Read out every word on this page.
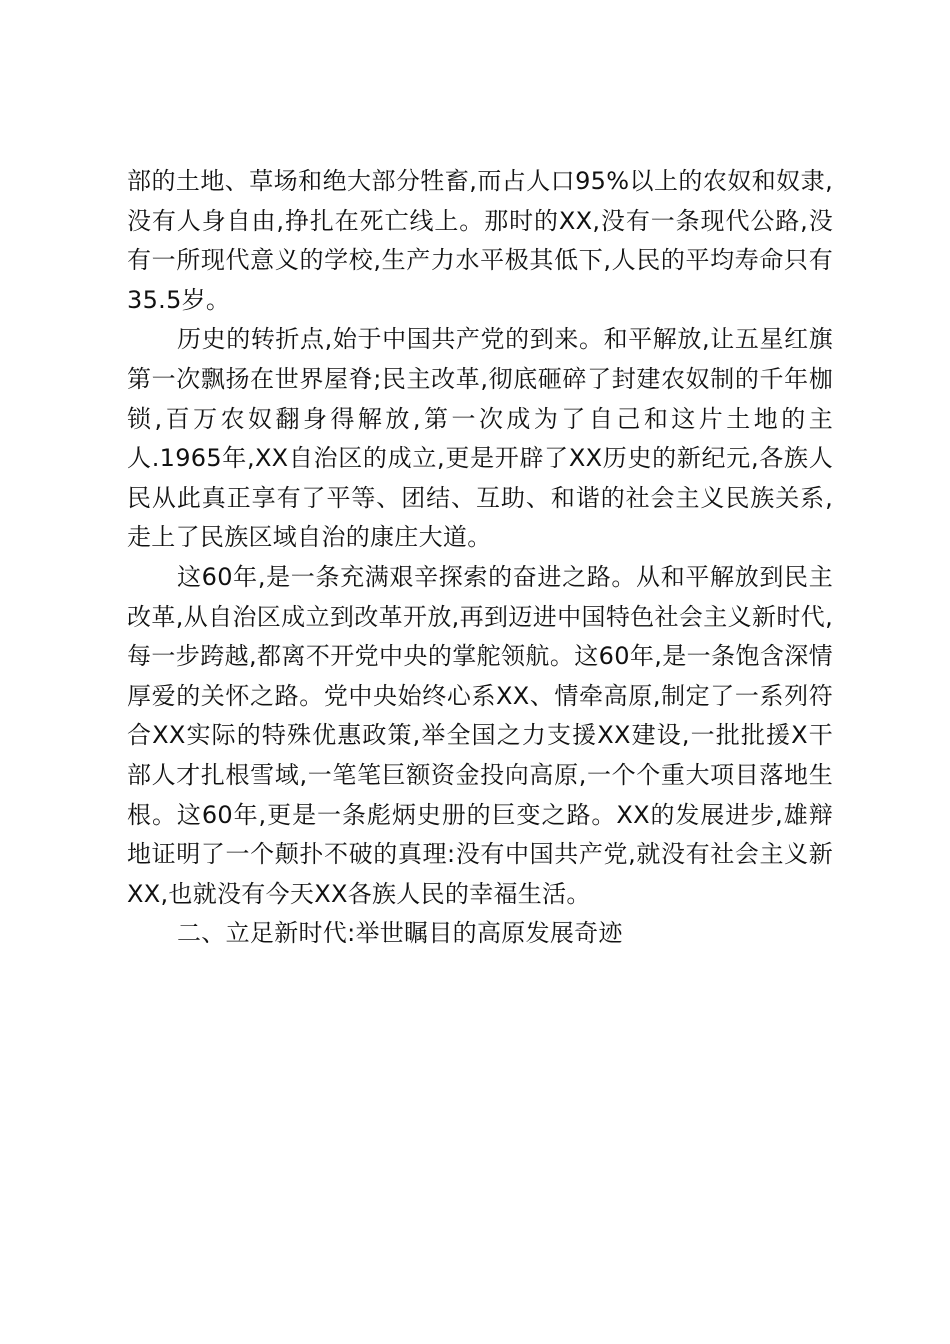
部的土地、草场和绝大部分牲畜,而占人口95%以上的农奴和奴隶,没有人身自由,挣扎在死亡线上。那时的XX,没有一条现代公路,没有一所现代意义的学校,生产力水平极其低下,人民的平均寿命只有35.5岁。

历史的转折点,始于中国共产党的到来。和平解放,让五星红旗第一次飘扬在世界屋脊;民主改革,彻底砸碎了封建农奴制的千年枷锁,百万农奴翻身得解放,第一次成为了自己和这片土地的主人.1965年,XX自治区的成立,更是开辟了XX历史的新纪元,各族人民从此真正享有了平等、团结、互助、和谐的社会主义民族关系,走上了民族区域自治的康庄大道。

这60年,是一条充满艰辛探索的奋进之路。从和平解放到民主改革,从自治区成立到改革开放,再到迈进中国特色社会主义新时代,每一步跨越,都离不开党中央的掌舵领航。这60年,是一条饱含深情厚爱的关怀之路。党中央始终心系XX、情牵高原,制定了一系列符合XX实际的特殊优惠政策,举全国之力支援XX建设,一批批援X干部人才扎根雪域,一笔笔巨额资金投向高原,一个个重大项目落地生根。这60年,更是一条彪炳史册的巨变之路。XX的发展进步,雄辩地证明了一个颠扑不破的真理:没有中国共产党,就没有社会主义新XX,也就没有今天XX各族人民的幸福生活。

二、立足新时代:举世瞩目的高原发展奇迹
